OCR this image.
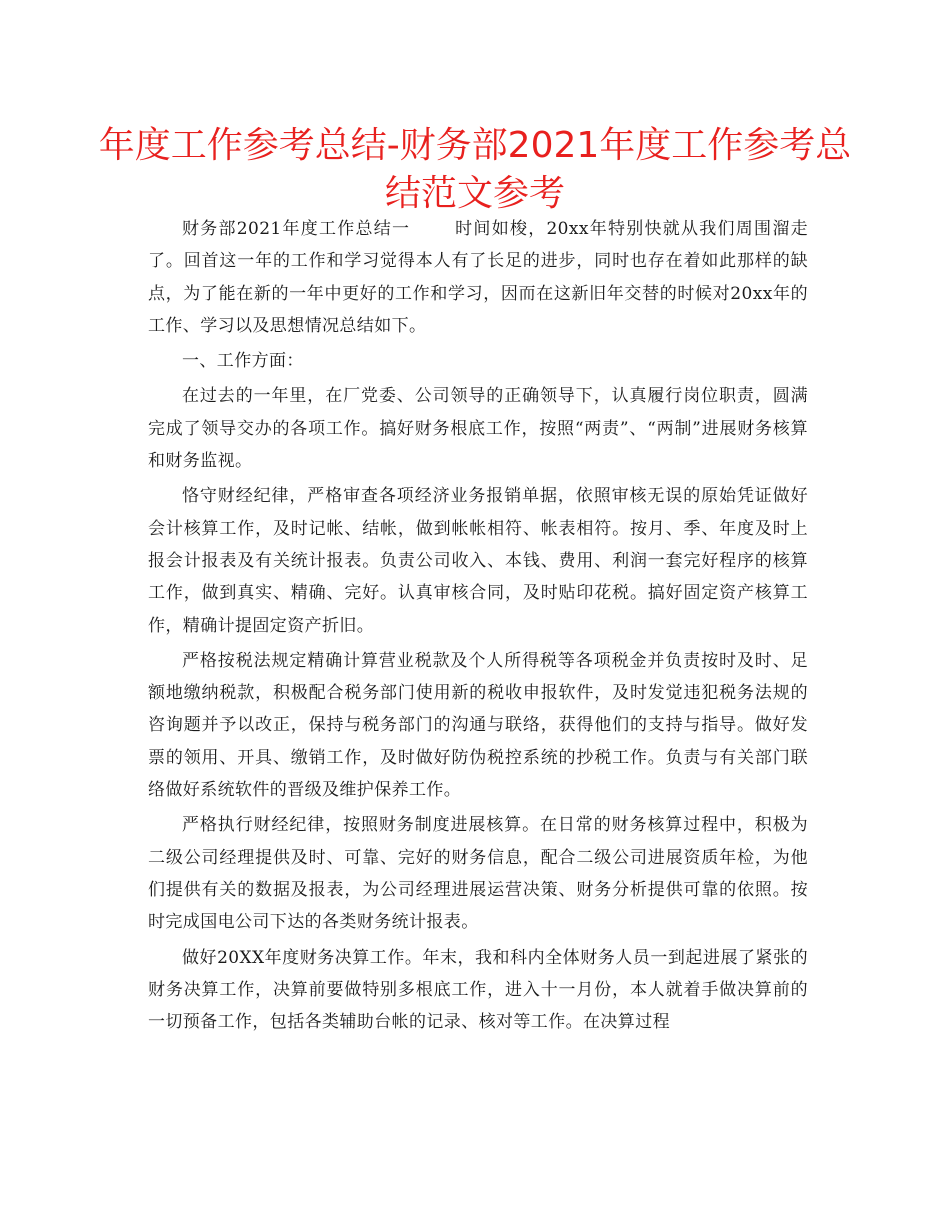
年度工作参考总结-财务部2021年度工作参考总结范文参考

财务部2021年度工作总结一	时间如梭，20xx年特别快就从我们周围溜走了。回首这一年的工作和学习觉得本人有了长足的进步，同时也存在着如此那样的缺点，为了能在新的一年中更好的工作和学习，因而在这新旧年交替的时候对20xx年的工作、学习以及思想情况总结如下。

一、工作方面：

在过去的一年里，在厂党委、公司领导的正确领导下，认真履行岗位职责，圆满完成了领导交办的各项工作。搞好财务根底工作，按照“两责”、“两制”进展财务核算和财务监视。

恪守财经纪律，严格审查各项经济业务报销单据，依照审核无误的原始凭证做好会计核算工作，及时记帐、结帐，做到帐帐相符、帐表相符。按月、季、年度及时上报会计报表及有关统计报表。负责公司收入、本钱、费用、利润一套完好程序的核算工作，做到真实、精确、完好。认真审核合同，及时贴印花税。搞好固定资产核算工作，精确计提固定资产折旧。

严格按税法规定精确计算营业税款及个人所得税等各项税金并负责按时及时、足额地缴纳税款，积极配合税务部门使用新的税收申报软件，及时发觉违犯税务法规的咨询题并予以改正，保持与税务部门的沟通与联络，获得他们的支持与指导。做好发票的领用、开具、缴销工作，及时做好防伪税控系统的抄税工作。负责与有关部门联络做好系统软件的晋级及维护保养工作。

严格执行财经纪律，按照财务制度进展核算。在日常的财务核算过程中，积极为二级公司经理提供及时、可靠、完好的财务信息，配合二级公司进展资质年检，为他们提供有关的数据及报表，为公司经理进展运营决策、财务分析提供可靠的依照。按时完成国电公司下达的各类财务统计报表。

做好20XX年度财务决算工作。年末，我和科内全体财务人员一到起进展了紧张的财务决算工作，决算前要做特别多根底工作，进入十一月份，本人就着手做决算前的一切预备工作，包括各类辅助台帐的记录、核对等工作。在决算过程
